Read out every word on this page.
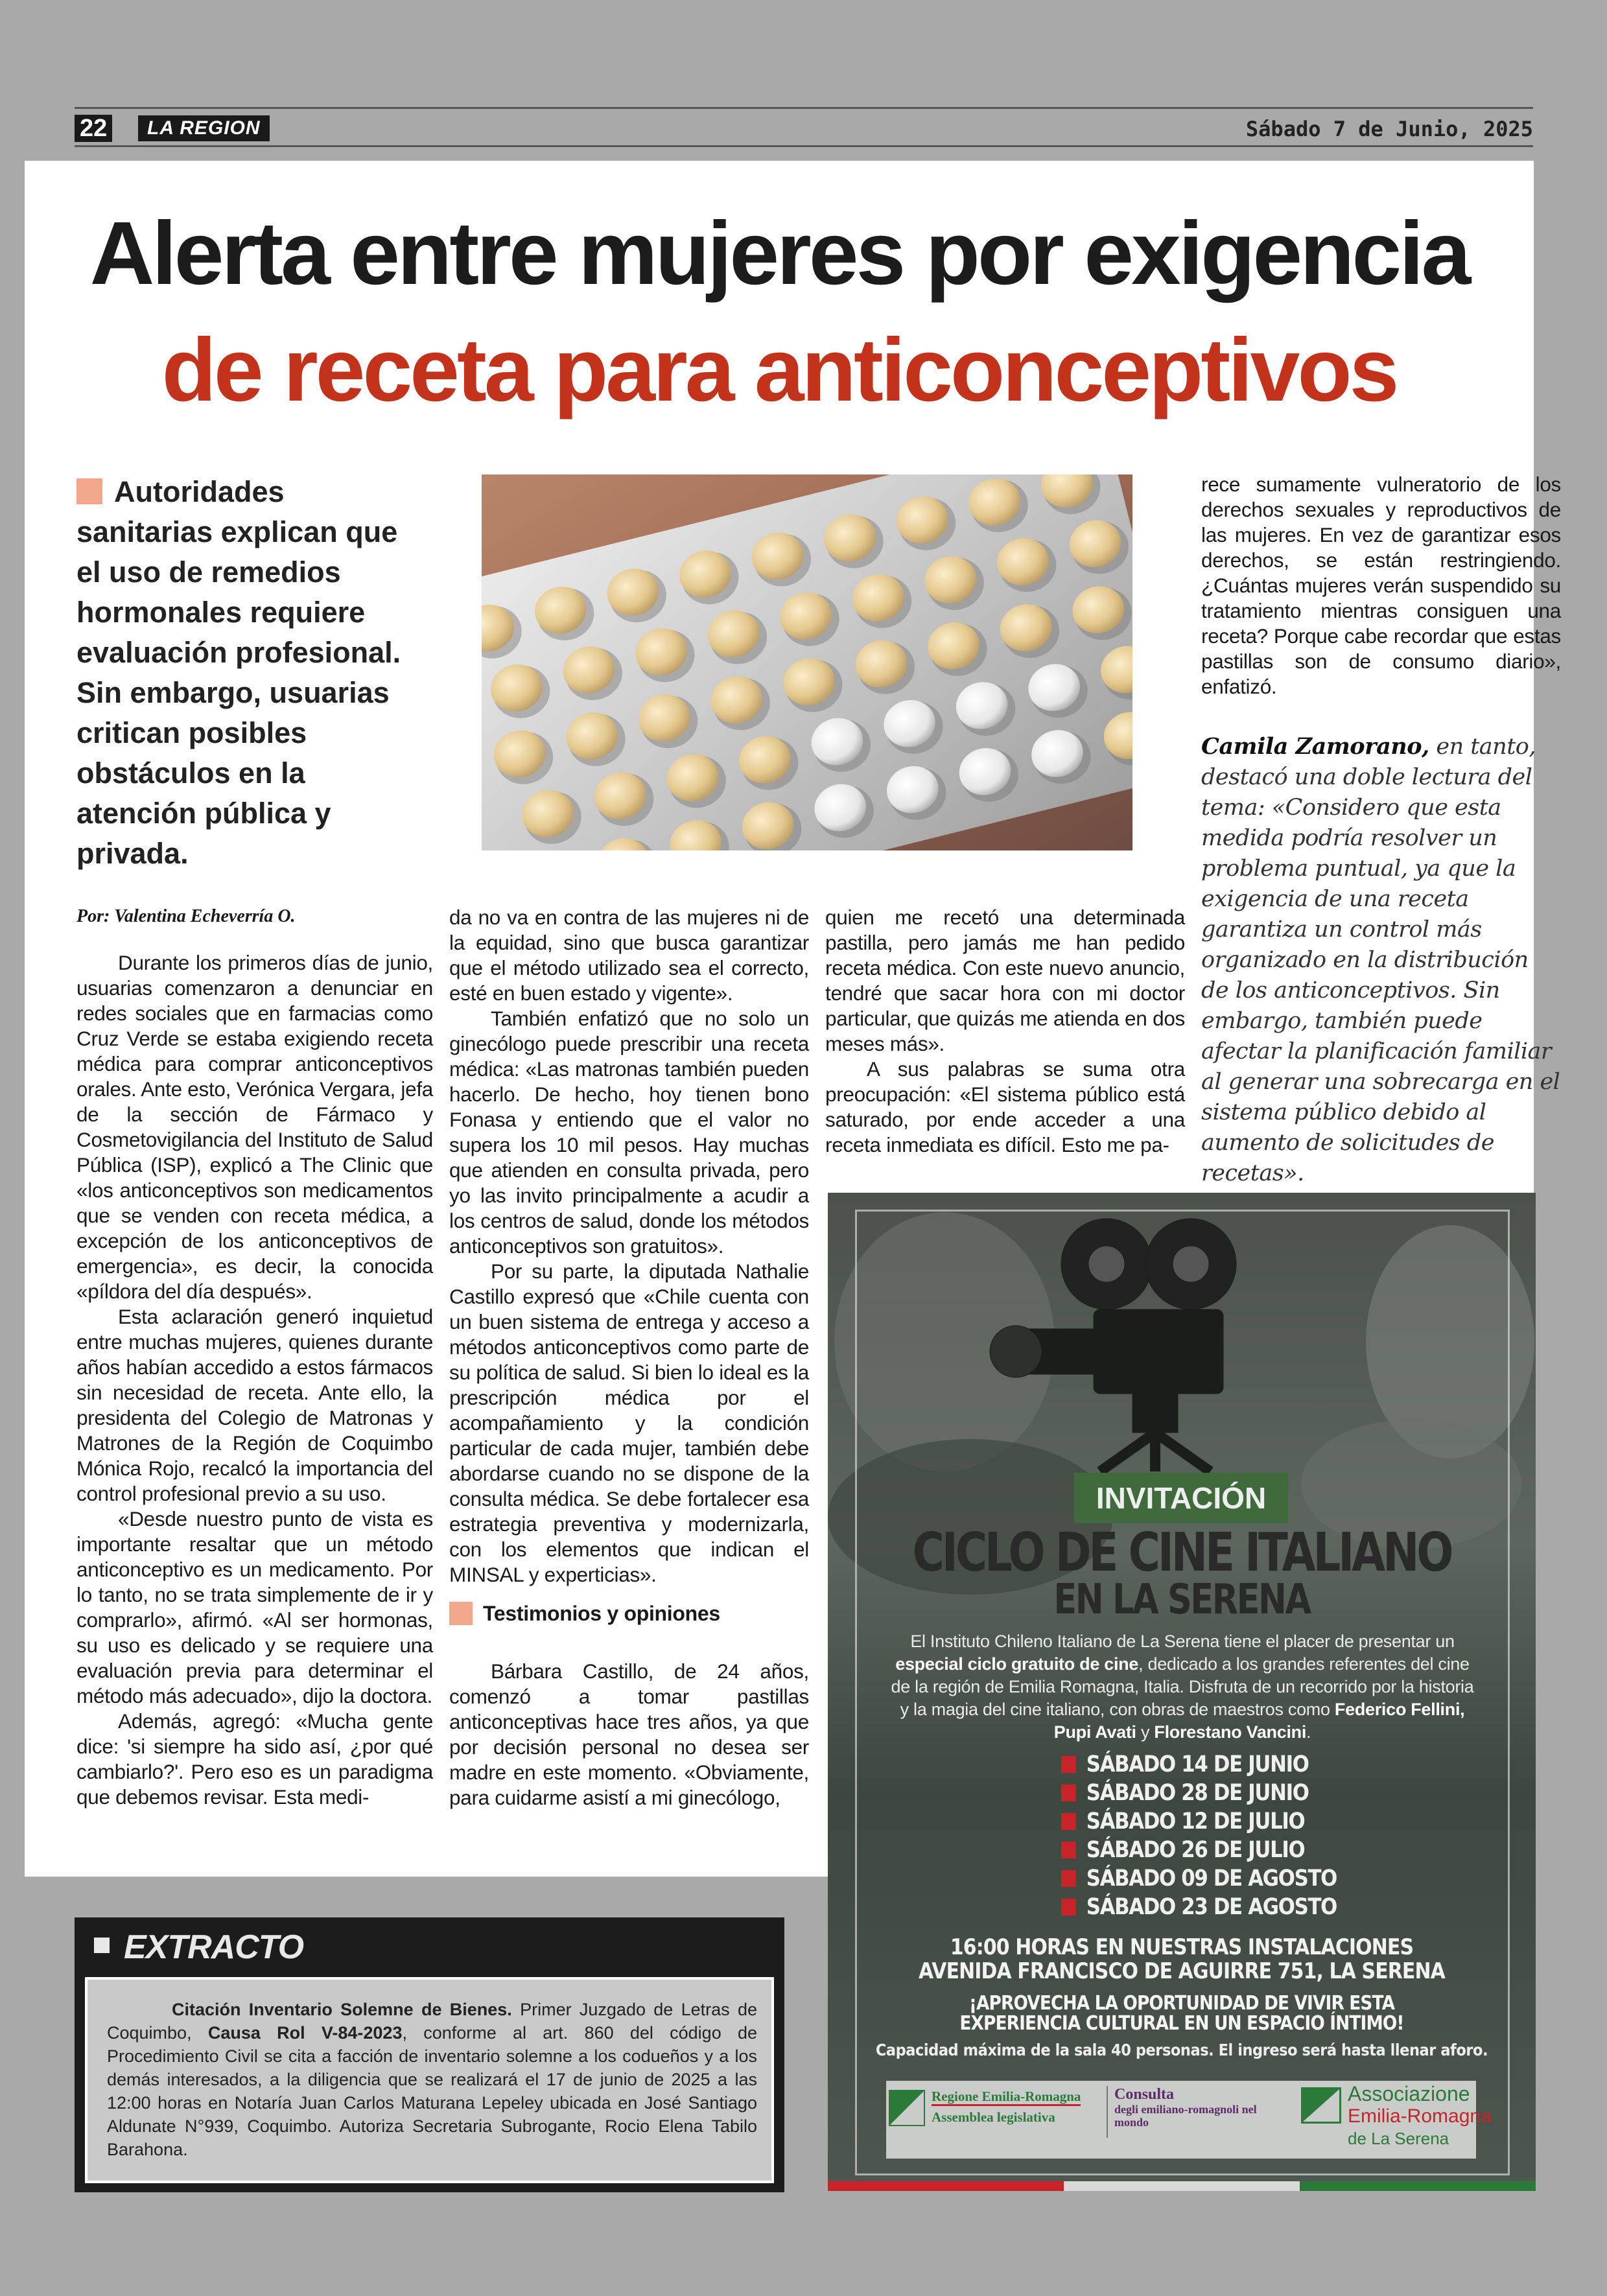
22	LA REGION	Sábado 7 de Junio, 2025
Alerta entre mujeres por exigencia
de receta para anticonceptivos
Autoridades sanitarias explican que el uso de remedios hormonales requiere evaluación profesional. Sin embargo, usuarias critican posibles obstáculos en la atención pública y privada.
Por: Valentina Echeverría O.

Durante los primeros días de junio, usuarias comenzaron a denunciar en redes sociales que en farmacias como Cruz Verde se estaba exigiendo receta médica para comprar anticonceptivos orales. Ante esto, Verónica Vergara, jefa de la sección de Fármaco y Cosmetovigilancia del Instituto de Salud Pública (ISP), explicó a The Clinic que «los anticonceptivos son medicamentos que se venden con receta médica, a excepción de los anticonceptivos de emergencia», es decir, la conocida «píldora del día después».

Esta aclaración generó inquietud entre muchas mujeres, quienes durante años habían accedido a estos fármacos sin necesidad de receta. Ante ello, la presidenta del Colegio de Matronas y Matrones de la Región de Coquimbo Mónica Rojo, recalcó la importancia del control profesional previo a su uso.

«Desde nuestro punto de vista es importante resaltar que un método anticonceptivo es un medicamento. Por lo tanto, no se trata simplemente de ir y comprarlo», afirmó. «Al ser hormonas, su uso es delicado y se requiere una evaluación previa para determinar el método más adecuado», dijo la doctora.

Además, agregó: «Mucha gente dice: 'si siempre ha sido así, ¿por qué cambiarlo?'. Pero eso es un paradigma que debemos revisar. Esta medi-

da no va en contra de las mujeres ni de la equidad, sino que busca garantizar que el método utilizado sea el correcto, esté en buen estado y vigente».

También enfatizó que no solo un ginecólogo puede prescribir una receta médica: «Las matronas también pueden hacerlo. De hecho, hoy tienen bono Fonasa y entiendo que el valor no supera los 10 mil pesos. Hay muchas que atienden en consulta privada, pero yo las invito principalmente a acudir a los centros de salud, donde los métodos anticonceptivos son gratuitos».

Por su parte, la diputada Nathalie Castillo expresó que «Chile cuenta con un buen sistema de entrega y acceso a métodos anticonceptivos como parte de su política de salud. Si bien lo ideal es la prescripción médica por el acompañamiento y la condición particular de cada mujer, también debe abordarse cuando no se dispone de la consulta médica. Se debe fortalecer esa estrategia preventiva y modernizarla, con los elementos que indican el MINSAL y experticias».

Testimonios y opiniones

Bárbara Castillo, de 24 años, comenzó a tomar pastillas anticonceptivas hace tres años, ya que por decisión personal no desea ser madre en este momento. «Obviamente, para cuidarme asistí a mi ginecólogo,

quien me recetó una determinada pastilla, pero jamás me han pedido receta médica. Con este nuevo anuncio, tendré que sacar hora con mi doctor particular, que quizás me atienda en dos meses más».

A sus palabras se suma otra preocupación: «El sistema público está saturado, por ende acceder a una receta inmediata es difícil. Esto me pa-

rece sumamente vulneratorio de los derechos sexuales y reproductivos de las mujeres. En vez de garantizar esos derechos, se están restringiendo. ¿Cuántas mujeres verán suspendido su tratamiento mientras consiguen una receta? Porque cabe recordar que estas pastillas son de consumo diario», enfatizó.

Camila Zamorano, en tanto, destacó una doble lectura del tema: «Considero que esta medida podría resolver un problema puntual, ya que la exigencia de una receta garantiza un control más organizado en la distribución de los anticonceptivos. Sin embargo, también puede afectar la planificación familiar al generar una sobrecarga en el sistema público debido al aumento de solicitudes de recetas».
EXTRACTO

Citación Inventario Solemne de Bienes. Primer Juzgado de Letras de Coquimbo, Causa Rol V-84-2023, conforme al art. 860 del código de Procedimiento Civil se cita a facción de inventario solemne a los codueños y a los demás interesados, a la diligencia que se realizará el 17 de junio de 2025 a las 12:00 horas en Notaría Juan Carlos Maturana Lepeley ubicada en José Santiago Aldunate N°939, Coquimbo. Autoriza Secretaria Subrogante, Rocio Elena Tabilo Barahona.

INVITACIÓN
CICLO DE CINE ITALIANO
EN LA SERENA
El Instituto Chileno Italiano de La Serena tiene el placer de presentar un especial ciclo gratuito de cine, dedicado a los grandes referentes del cine de la región de Emilia Romagna, Italia. Disfruta de un recorrido por la historia y la magia del cine italiano, con obras de maestros como Federico Fellini, Pupi Avati y Florestano Vancini.
SÁBADO 14 DE JUNIO
SÁBADO 28 DE JUNIO
SÁBADO 12 DE JULIO
SÁBADO 26 DE JULIO
SÁBADO 09 DE AGOSTO
SÁBADO 23 DE AGOSTO
16:00 HORAS EN NUESTRAS INSTALACIONES
AVENIDA FRANCISCO DE AGUIRRE 751, LA SERENA
¡APROVECHA LA OPORTUNIDAD DE VIVIR ESTA
EXPERIENCIA CULTURAL EN UN ESPACIO ÍNTIMO!
Capacidad máxima de la sala 40 personas. El ingreso será hasta llenar aforo.
Regione Emilia-Romagna
Assemblea legislativa
Consulta
degli emiliano-romagnoli nel mondo
Associazione
Emilia-Romagna
de La Serena
